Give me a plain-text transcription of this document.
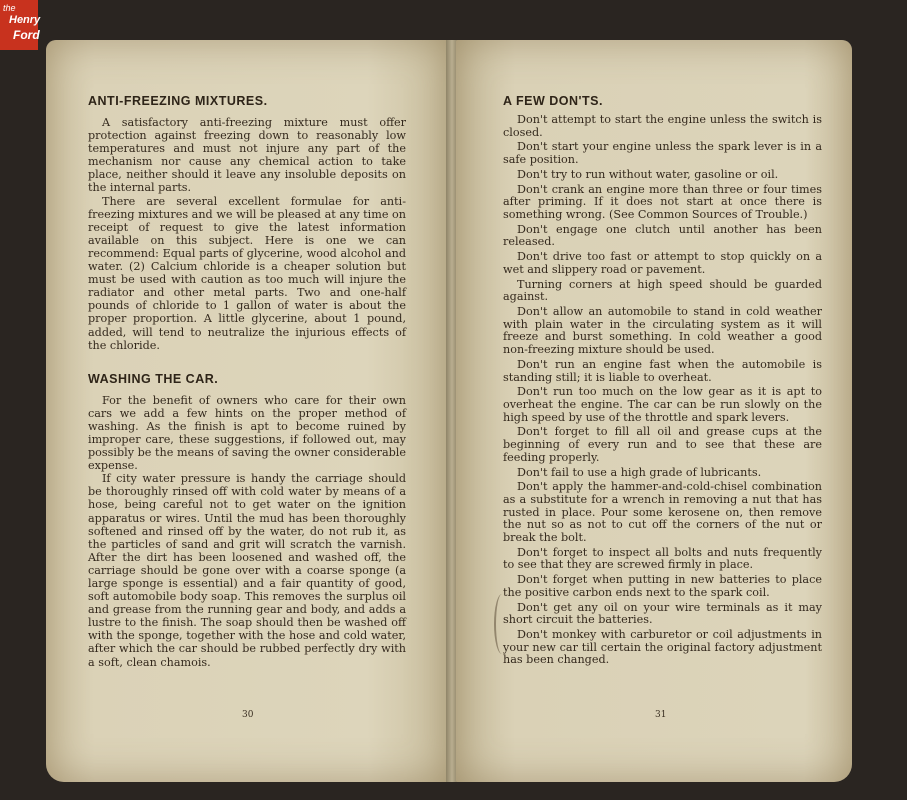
the
Henry
Ford
ANTI-FREEZING MIXTURES.

A satisfactory anti-freezing mixture must offer protection against freezing down to reasonably low temperatures and must not injure any part of the mechanism nor cause any chemical action to take place, neither should it leave any insoluble deposits on the internal parts.

There are several excellent formulae for anti-freezing mixtures and we will be pleased at any time on receipt of request to give the latest information available on this subject. Here is one we can recommend: Equal parts of glycerine, wood alcohol and water. (2) Calcium chloride is a cheaper solution but must be used with caution as too much will injure the radiator and other metal parts. Two and one-half pounds of chloride to 1 gallon of water is about the proper proportion. A little glycerine, about 1 pound, added, will tend to neutralize the injurious effects of the chloride.

WASHING THE CAR.

For the benefit of owners who care for their own cars we add a few hints on the proper method of washing. As the finish is apt to become ruined by improper care, these suggestions, if followed out, may possibly be the means of saving the owner considerable expense.

If city water pressure is handy the carriage should be thoroughly rinsed off with cold water by means of a hose, being careful not to get water on the ignition apparatus or wires. Until the mud has been thoroughly softened and rinsed off by the water, do not rub it, as the particles of sand and grit will scratch the varnish. After the dirt has been loosened and washed off, the carriage should be gone over with a coarse sponge (a large sponge is essential) and a fair quantity of good, soft automobile body soap. This removes the surplus oil and grease from the running gear and body, and adds a lustre to the finish. The soap should then be washed off with the sponge, together with the hose and cold water, after which the car should be rubbed perfectly dry with a soft, clean chamois.

30
A FEW DON'TS.

Don't attempt to start the engine unless the switch is closed.

Don't start your engine unless the spark lever is in a safe position.

Don't try to run without water, gasoline or oil.

Don't crank an engine more than three or four times after priming. If it does not start at once there is something wrong. (See Common Sources of Trouble.)

Don't engage one clutch until another has been released.

Don't drive too fast or attempt to stop quickly on a wet and slippery road or pavement.

Turning corners at high speed should be guarded against.

Don't allow an automobile to stand in cold weather with plain water in the circulating system as it will freeze and burst something. In cold weather a good non-freezing mixture should be used.

Don't run an engine fast when the automobile is standing still; it is liable to overheat.

Don't run too much on the low gear as it is apt to overheat the engine. The car can be run slowly on the high speed by use of the throttle and spark levers.

Don't forget to fill all oil and grease cups at the beginning of every run and to see that these are feeding properly.

Don't fail to use a high grade of lubricants.

Don't apply the hammer-and-cold-chisel combination as a substitute for a wrench in removing a nut that has rusted in place. Pour some kerosene on, then remove the nut so as not to cut off the corners of the nut or break the bolt.

Don't forget to inspect all bolts and nuts frequently to see that they are screwed firmly in place.

Don't forget when putting in new batteries to place the positive carbon ends next to the spark coil.

Don't get any oil on your wire terminals as it may short circuit the batteries.

Don't monkey with carburetor or coil adjustments in your new car till certain the original factory adjustment has been changed.

31
